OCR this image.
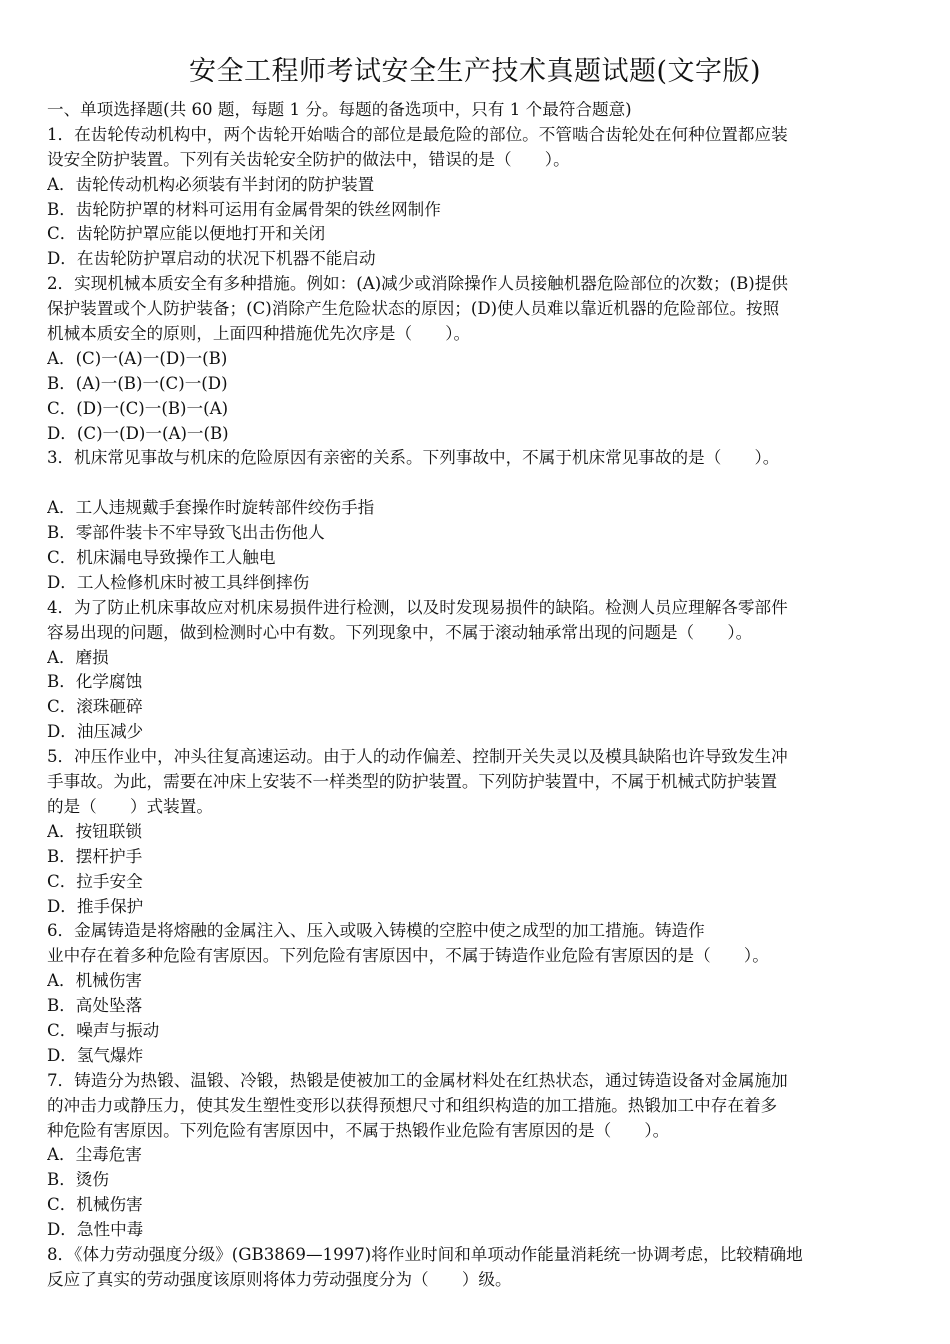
安全工程师考试安全生产技术真题试题(文字版)
一、单项选择题(共 60 题，每题 1 分。每题的备选项中，只有 1 个最符合题意)
1．在齿轮传动机构中，两个齿轮开始啮合的部位是最危险的部位。不管啮合齿轮处在何种位置都应装
设安全防护装置。下列有关齿轮安全防护的做法中，错误的是（　　）。
A．齿轮传动机构必须装有半封闭的防护装置
B．齿轮防护罩的材料可运用有金属骨架的铁丝网制作
C．齿轮防护罩应能以便地打开和关闭
D．在齿轮防护罩启动的状况下机器不能启动
2．实现机械本质安全有多种措施。例如：(A)减少或消除操作人员接触机器危险部位的次数；(B)提供
保护装置或个人防护装备；(C)消除产生危险状态的原因；(D)使人员难以靠近机器的危险部位。按照
机械本质安全的原则，上面四种措施优先次序是（　　）。
A．(C)一(A)一(D)一(B)
B．(A)一(B)一(C)一(D)
C．(D)一(C)一(B)一(A)
D．(C)一(D)一(A)一(B)
3．机床常见事故与机床的危险原因有亲密的关系。下列事故中，不属于机床常见事故的是（　　）。
A．工人违规戴手套操作时旋转部件绞伤手指
B．零部件装卡不牢导致飞出击伤他人
C．机床漏电导致操作工人触电
D．工人检修机床时被工具绊倒摔伤
4．为了防止机床事故应对机床易损件进行检测，以及时发现易损件的缺陷。检测人员应理解各零部件
容易出现的问题，做到检测时心中有数。下列现象中，不属于滚动轴承常出现的问题是（　　）。
A．磨损
B．化学腐蚀
C．滚珠砸碎
D．油压减少
5．冲压作业中，冲头往复高速运动。由于人的动作偏差、控制开关失灵以及模具缺陷也许导致发生冲
手事故。为此，需要在冲床上安装不一样类型的防护装置。下列防护装置中，不属于机械式防护装置
的是（　　）式装置。
A．按钮联锁
B．摆杆护手
C．拉手安全
D．推手保护
6．金属铸造是将熔融的金属注入、压入或吸入铸模的空腔中使之成型的加工措施。铸造作
业中存在着多种危险有害原因。下列危险有害原因中，不属于铸造作业危险有害原因的是（　　）。
A．机械伤害
B．高处坠落
C．噪声与振动
D．氢气爆炸
7．铸造分为热锻、温锻、冷锻，热锻是使被加工的金属材料处在红热状态，通过铸造设备对金属施加
的冲击力或静压力，使其发生塑性变形以获得预想尺寸和组织构造的加工措施。热锻加工中存在着多
种危险有害原因。下列危险有害原因中，不属于热锻作业危险有害原因的是（　　）。
A．尘毒危害
B．烫伤
C．机械伤害
D．急性中毒
8．《体力劳动强度分级》(GB3869—1997)将作业时间和单项动作能量消耗统一协调考虑，比较精确地
反应了真实的劳动强度该原则将体力劳动强度分为（　　）级。
